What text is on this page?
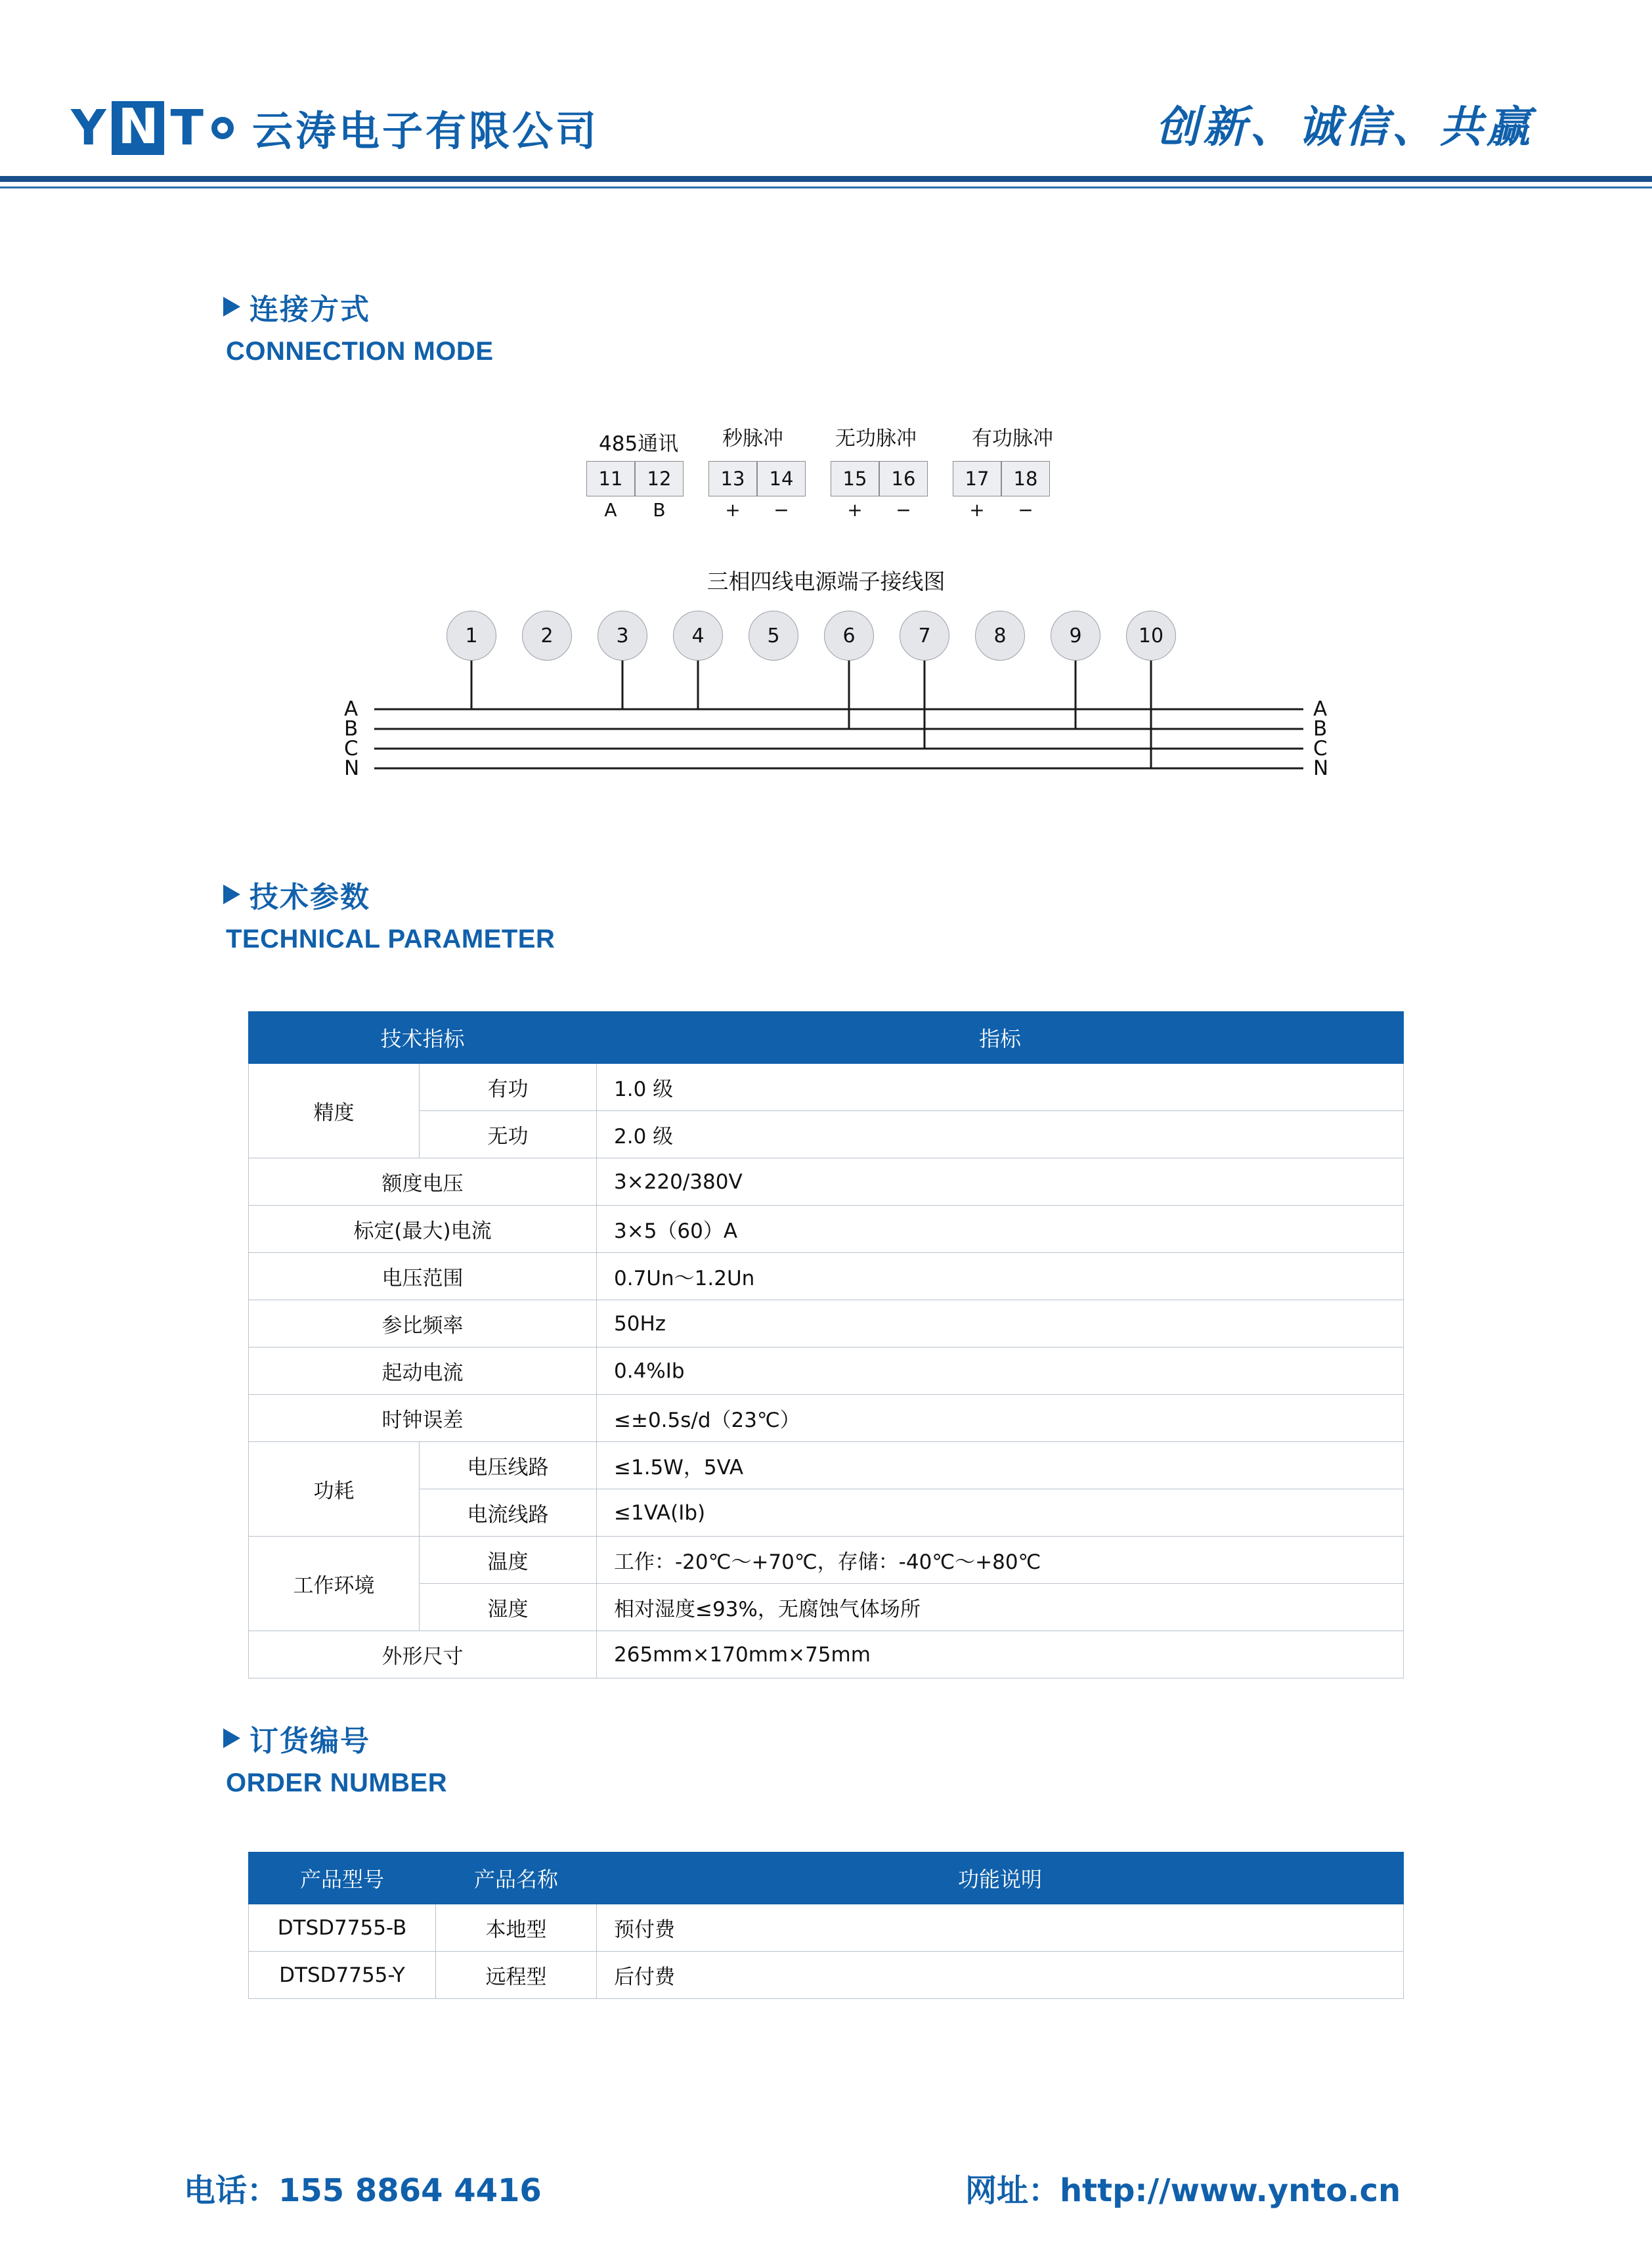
Y N T 云涛电子有限公司	创新、诚信、共赢
连接方式
CONNECTION MODE
485通讯 秒脉冲	无功脉冲	有功脉冲
11	12	13	14	15	16	17	18
A	B	+	−	+	−	+	−
三相四线电源端子接线图
1	2	3	4	5	6	7	8	9	10
A
B
C
N
A
B
C
N
技术参数
TECHNICAL PARAMETER
技术指标		指标
精度	有功	1.0 级
	无功	2.0 级
额度电压		3×220/380V
标定(最大)电流		3×5（60）A
电压范围		0.7Un～1.2Un
参比频率		50Hz
起动电流		0.4%Ib
时钟误差		≤±0.5s/d（23℃）
功耗	电压线路	≤1.5W，5VA
	电流线路	≤1VA(Ib)
工作环境	温度	工作：-20℃～+70℃，存储：-40℃～+80℃
	湿度	相对湿度≤93%，无腐蚀气体场所
外形尺寸		265mm×170mm×75mm
订货编号
ORDER NUMBER
产品型号	产品名称	功能说明
DTSD7755-B	本地型	预付费
DTSD7755-Y	远程型	后付费
电话：155 8864 4416	网址：http://www.ynto.cn
